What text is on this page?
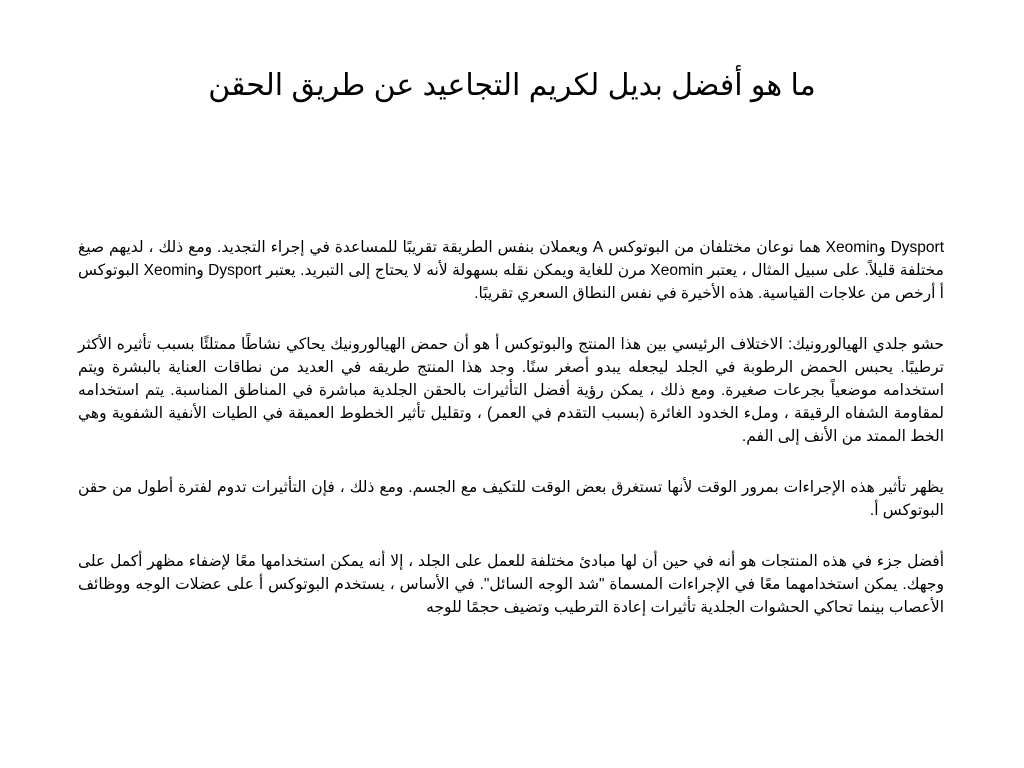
ما هو أفضل بديل لكريم التجاعيد عن طريق الحقن

Dysport وXeomin هما نوعان مختلفان من البوتوكس A ويعملان بنفس الطريقة تقريبًا للمساعدة في إجراء التجديد. ومع ذلك ، لديهم صيغ مختلفة قليلاً. على سبيل المثال ، يعتبر Xeomin مرن للغاية ويمكن نقله بسهولة لأنه لا يحتاج إلى التبريد. يعتبر Dysport وXeomin البوتوكس أ أرخص من علاجات القياسية. هذه الأخيرة في نفس النطاق السعري تقريبًا.

حشو جلدي الهيالورونيك: الاختلاف الرئيسي بين هذا المنتج والبوتوكس أ هو أن حمض الهيالورونيك يحاكي نشاطًا ممتلئًا بسبب تأثيره الأكثر ترطيبًا. يحبس الحمض الرطوبة في الجلد ليجعله يبدو أصغر سنًا. وجد هذا المنتج طريقه في العديد من نطاقات العناية بالبشرة ويتم استخدامه موضعياً بجرعات صغيرة. ومع ذلك ، يمكن رؤية أفضل التأثيرات بالحقن الجلدية مباشرة في المناطق المناسبة. يتم استخدامه لمقاومة الشفاه الرقيقة ، وملء الخدود الغائرة (بسبب التقدم في العمر) ، وتقليل تأثير الخطوط العميقة في الطيات الأنفية الشفوية وهي الخط الممتد من الأنف إلى الفم.

يظهر تأثير هذه الإجراءات بمرور الوقت لأنها تستغرق بعض الوقت للتكيف مع الجسم. ومع ذلك ، فإن التأثيرات تدوم لفترة أطول من حقن البوتوكس أ.

أفضل جزء في هذه المنتجات هو أنه في حين أن لها مبادئ مختلفة للعمل على الجلد ، إلا أنه يمكن استخدامها معًا لإضفاء مظهر أكمل على وجهك. يمكن استخدامهما معًا في الإجراءات المسماة "شد الوجه السائل". في الأساس ، يستخدم البوتوكس أ على عضلات الوجه ووظائف الأعصاب بينما تحاكي الحشوات الجلدية تأثيرات إعادة الترطيب وتضيف حجمًا للوجه
